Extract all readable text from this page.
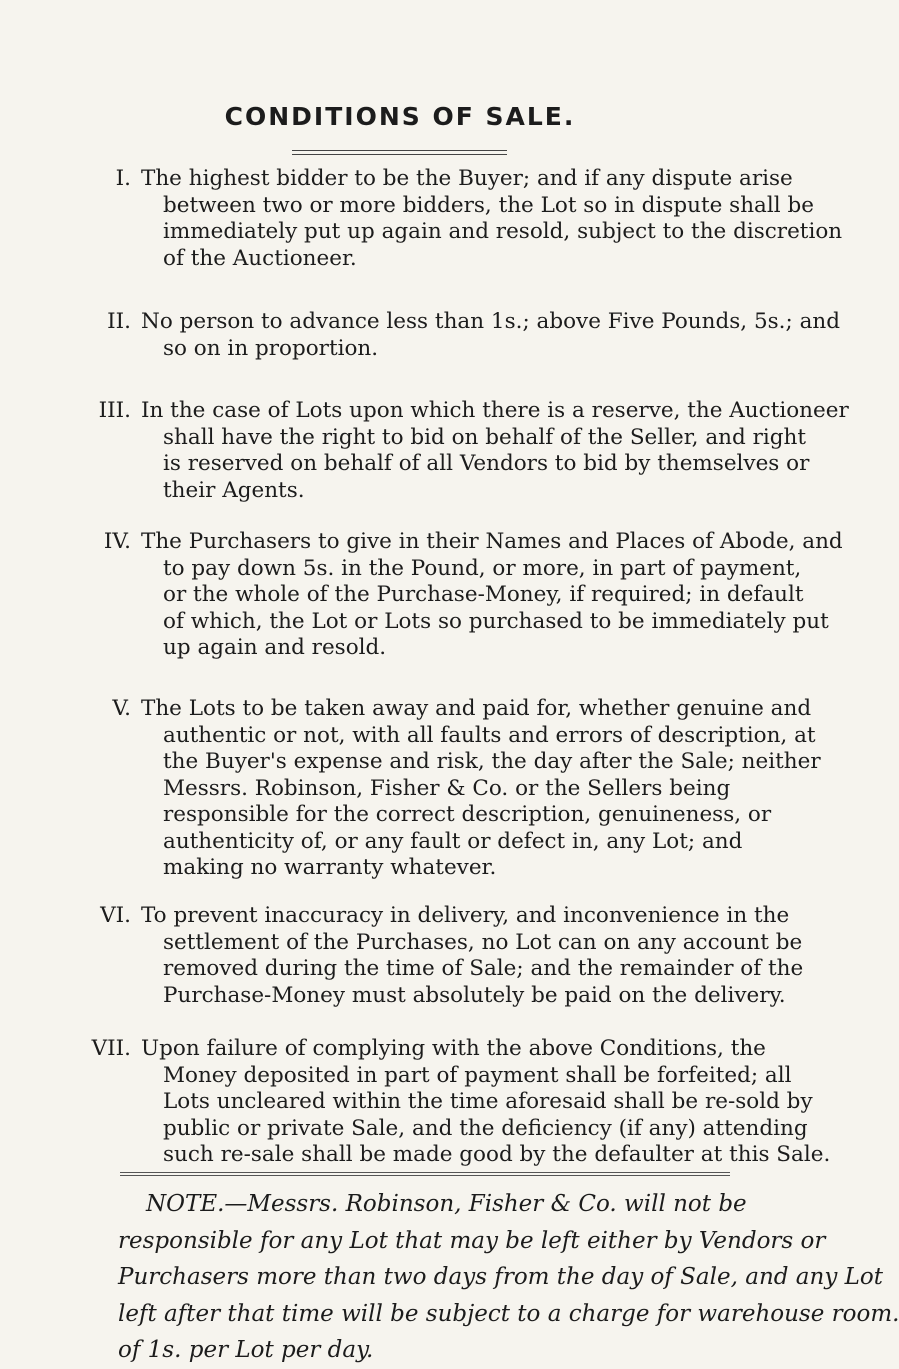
CONDITIONS OF SALE.
I. The highest bidder to be the Buyer; and if any dispute arise
between two or more bidders, the Lot so in dispute shall be
immediately put up again and resold, subject to the discretion
of the Auctioneer.
II. No person to advance less than 1s.; above Five Pounds, 5s.; and
so on in proportion.
III. In the case of Lots upon which there is a reserve, the Auctioneer
shall have the right to bid on behalf of the Seller, and right
is reserved on behalf of all Vendors to bid by themselves or
their Agents.
IV. The Purchasers to give in their Names and Places of Abode, and
to pay down 5s. in the Pound, or more, in part of payment,
or the whole of the Purchase-Money, if required; in default
of which, the Lot or Lots so purchased to be immediately put
up again and resold.
V. The Lots to be taken away and paid for, whether genuine and
authentic or not, with all faults and errors of description, at
the Buyer's expense and risk, the day after the Sale; neither
Messrs. Robinson, Fisher & Co. or the Sellers being
responsible for the correct description, genuineness, or
authenticity of, or any fault or defect in, any Lot; and
making no warranty whatever.
VI. To prevent inaccuracy in delivery, and inconvenience in the
settlement of the Purchases, no Lot can on any account be
removed during the time of Sale; and the remainder of the
Purchase-Money must absolutely be paid on the delivery.
VII. Upon failure of complying with the above Conditions, the
Money deposited in part of payment shall be forfeited; all
Lots uncleared within the time aforesaid shall be re-sold by
public or private Sale, and the deficiency (if any) attending
such re-sale shall be made good by the defaulter at this Sale.
NOTE.—Messrs. Robinson, Fisher & Co. will not be
responsible for any Lot that may be left either by Vendors or
Purchasers more than two days from the day of Sale, and any Lot
left after that time will be subject to a charge for warehouse room.
of 1s. per Lot per day.
